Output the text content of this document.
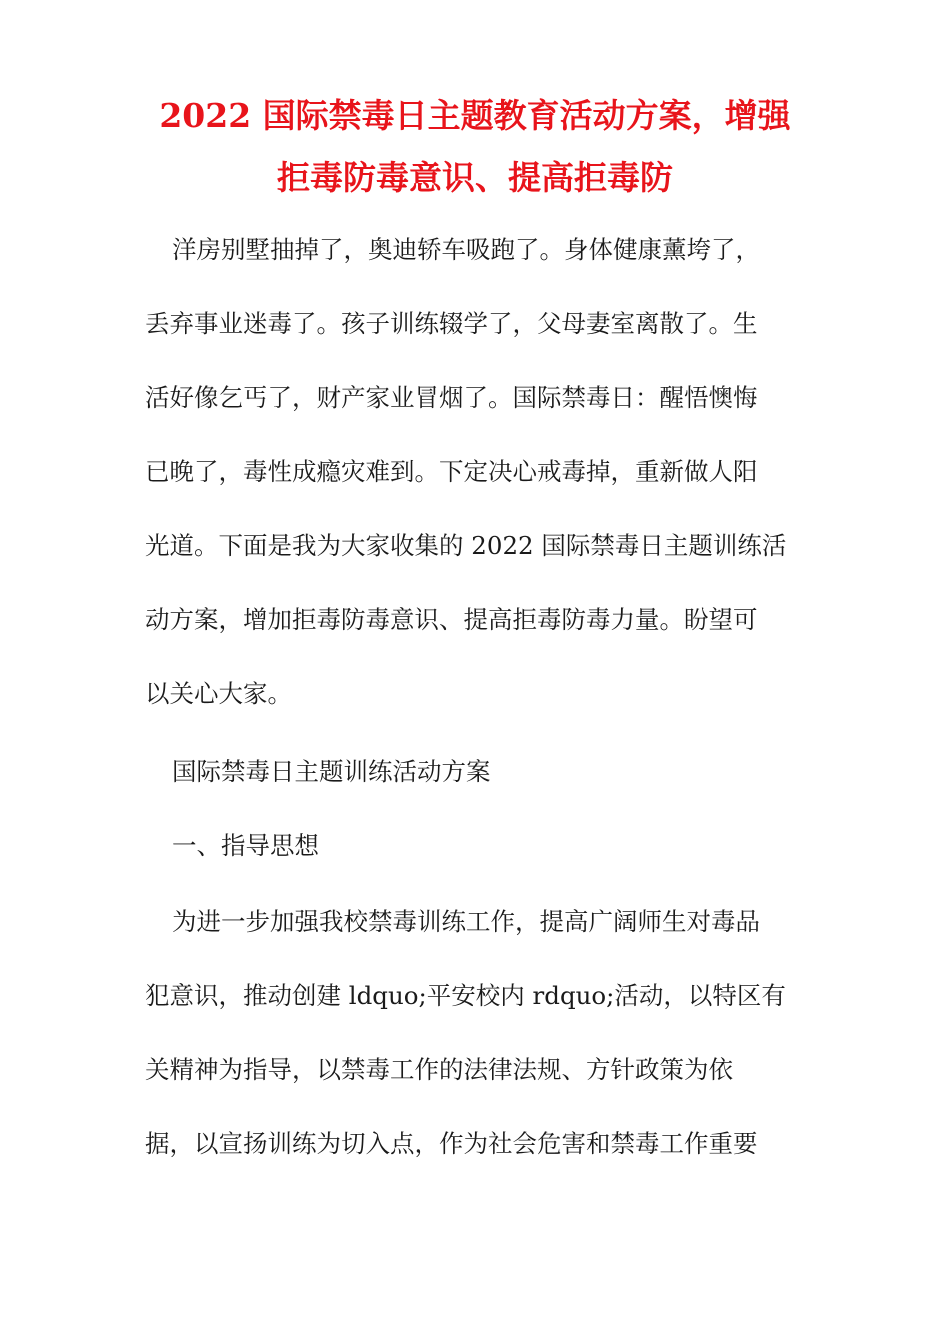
2022 国际禁毒日主题教育活动方案，增强
拒毒防毒意识、提高拒毒防
洋房别墅抽掉了，奥迪轿车吸跑了。身体健康薰垮了，
丢弃事业迷毒了。孩子训练辍学了，父母妻室离散了。生
活好像乞丐了，财产家业冒烟了。国际禁毒日：醒悟懊悔
已晚了，毒性成瘾灾难到。下定决心戒毒掉，重新做人阳
光道。下面是我为大家收集的 2022 国际禁毒日主题训练活
动方案，增加拒毒防毒意识、提高拒毒防毒力量。盼望可
以关心大家。
国际禁毒日主题训练活动方案
一、指导思想
为进一步加强我校禁毒训练工作，提高广阔师生对毒品
犯意识，推动创建 ldquo;平安校内 rdquo;活动，以特区有
关精神为指导，以禁毒工作的法律法规、方针政策为依
据，以宣扬训练为切入点，作为社会危害和禁毒工作重要
